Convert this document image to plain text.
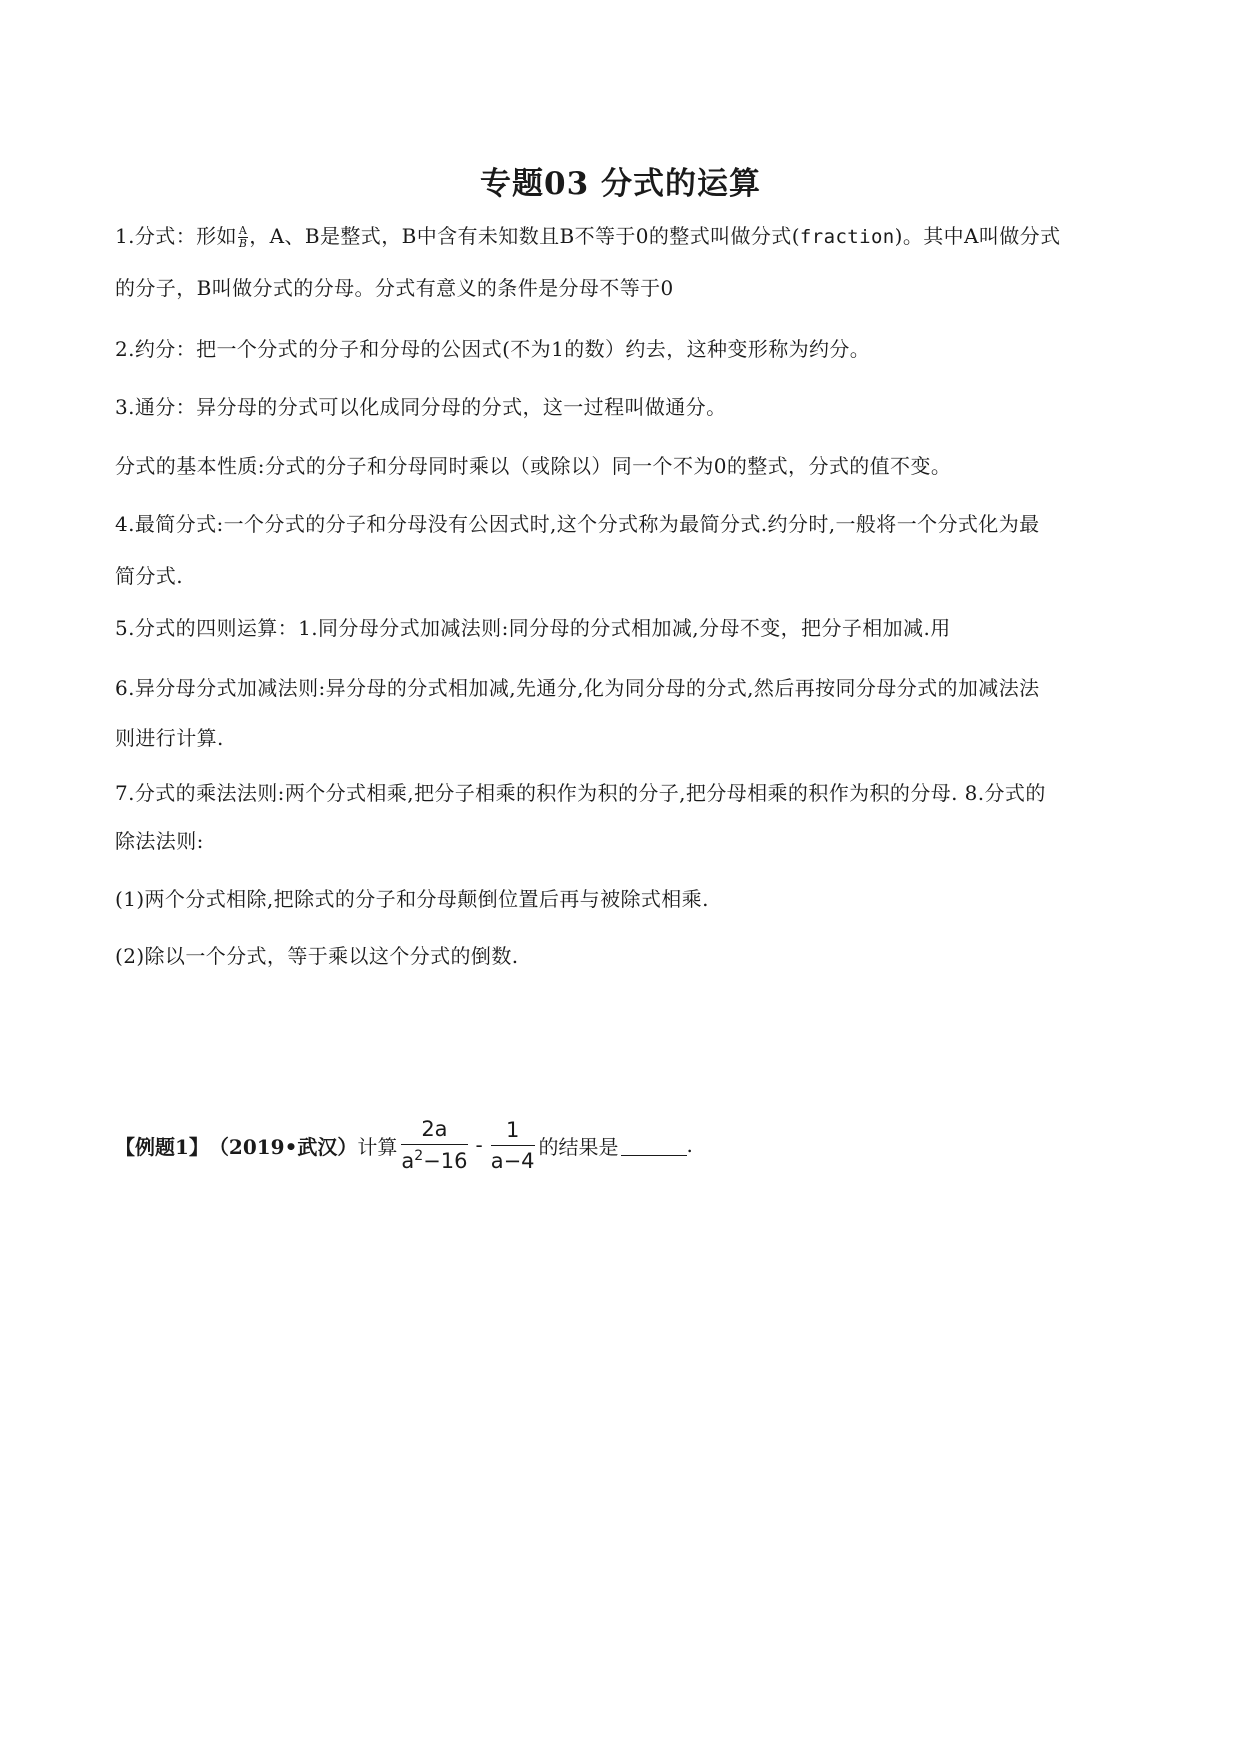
专题03 分式的运算
1.分式：形如 $\frac{A}{B}$ ，A、B是整式，B中含有未知数且B不等于0的整式叫做分式(fraction)。其中A叫做分式
的分子，B叫做分式的分母。分式有意义的条件是分母不等于0
2.约分：把一个分式的分子和分母的公因式(不为1的数）约去，这种变形称为约分。
3.通分：异分母的分式可以化成同分母的分式，这一过程叫做通分。
分式的基本性质:分式的分子和分母同时乘以（或除以）同一个不为0的整式，分式的值不变。
4.最简分式:一个分式的分子和分母没有公因式时,这个分式称为最简分式.约分时,一般将一个分式化为最
简分式.
5.分式的四则运算：1.同分母分式加减法则:同分母的分式相加减,分母不变，把分子相加减.用
6.异分母分式加减法则:异分母的分式相加减,先通分,化为同分母的分式,然后再按同分母分式的加减法法
则进行计算.
7.分式的乘法法则:两个分式相乘,把分子相乘的积作为积的分子,把分母相乘的积作为积的分母. 8.分式的
除法法则:
(1)两个分式相除,把除式的分子和分母颠倒位置后再与被除式相乘.
(2)除以一个分式，等于乘以这个分式的倒数.
【例题1】 （2019•武汉） 计算 $\frac{2a}{a^2-16} - \frac{1}{a-4}$ 的结果是	.
